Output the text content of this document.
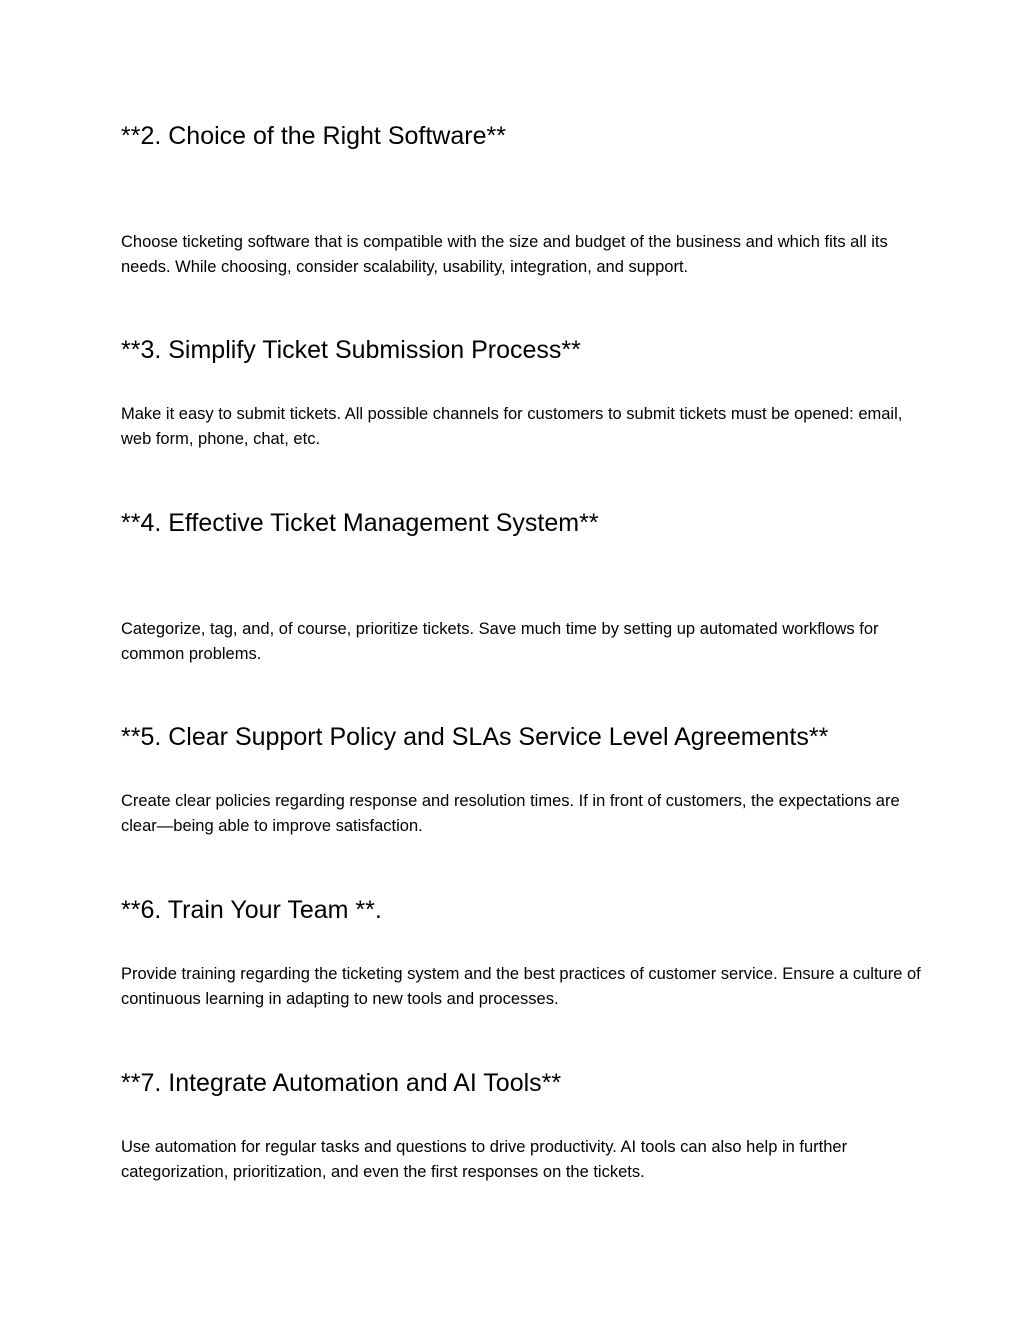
**2. Choice of the Right Software**

Choose ticketing software that is compatible with the size and budget of the business and which fits all its needs. While choosing, consider scalability, usability, integration, and support.

**3. Simplify Ticket Submission Process**

Make it easy to submit tickets. All possible channels for customers to submit tickets must be opened: email, web form, phone, chat, etc.

**4. Effective Ticket Management System**

Categorize, tag, and, of course, prioritize tickets. Save much time by setting up automated workflows for common problems.

**5. Clear Support Policy and SLAs Service Level Agreements**

Create clear policies regarding response and resolution times. If in front of customers, the expectations are clear—being able to improve satisfaction.

**6. Train Your Team **.

Provide training regarding the ticketing system and the best practices of customer service. Ensure a culture of continuous learning in adapting to new tools and processes.

**7. Integrate Automation and AI Tools**

Use automation for regular tasks and questions to drive productivity. AI tools can also help in further categorization, prioritization, and even the first responses on the tickets.
